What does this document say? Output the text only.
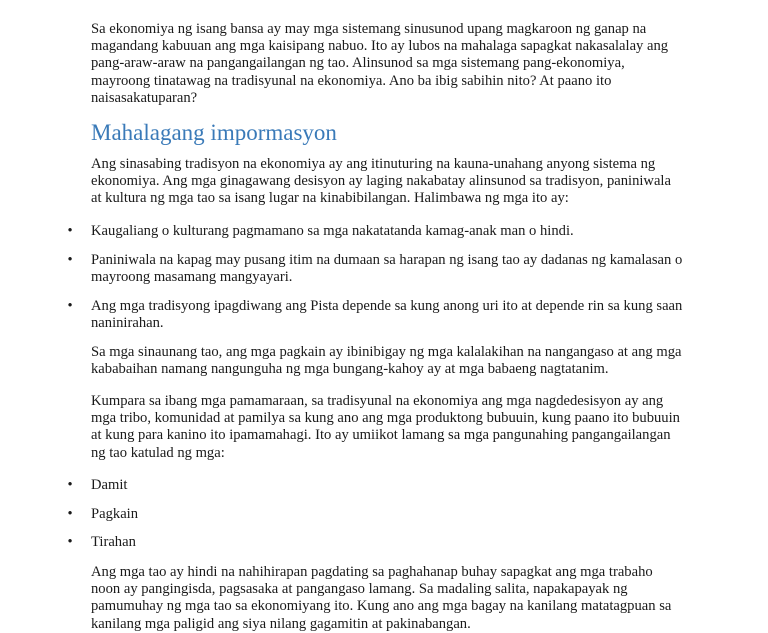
Sa ekonomiya ng isang bansa ay may mga sistemang sinusunod upang magkaroon ng ganap na
magandang kabuuan ang mga kaisipang nabuo. Ito ay lubos na mahalaga sapagkat nakasalalay ang
pang-araw-araw na pangangailangan ng tao. Alinsunod sa mga sistemang pang-ekonomiya,
mayroong tinatawag na tradisyunal na ekonomiya. Ano ba ibig sabihin nito? At paano ito
naisasakatuparan?

Mahalagang impormasyon

Ang sinasabing tradisyon na ekonomiya ay ang itinuturing na kauna-unahang anyong sistema ng
ekonomiya. Ang mga ginagawang desisyon ay laging nakabatay alinsunod sa tradisyon, paniniwala
at kultura ng mga tao sa isang lugar na kinabibilangan. Halimbawa ng mga ito ay:

• Kaugaliang o kulturang pagmamano sa mga nakatatanda kamag-anak man o hindi.
• Paniniwala na kapag may pusang itim na dumaan sa harapan ng isang tao ay dadanas ng kamalasan o
mayroong masamang mangyayari.
• Ang mga tradisyong ipagdiwang ang Pista depende sa kung anong uri ito at depende rin sa kung saan
naninirahan.

Sa mga sinaunang tao, ang mga pagkain ay ibinibigay ng mga kalalakihan na nangangaso at ang mga
kababaihan namang nangunguha ng mga bungang-kahoy ay at mga babaeng nagtatanim.

Kumpara sa ibang mga pamamaraan, sa tradisyunal na ekonomiya ang mga nagdedesisyon ay ang
mga tribo, komunidad at pamilya sa kung ano ang mga produktong bubuuin, kung paano ito bubuuin
at kung para kanino ito ipamamahagi. Ito ay umiikot lamang sa mga pangunahing pangangailangan
ng tao katulad ng mga:

• Damit
• Pagkain
• Tirahan

Ang mga tao ay hindi na nahihirapan pagdating sa paghahanap buhay sapagkat ang mga trabaho
noon ay pangingisda, pagsasaka at pangangaso lamang. Sa madaling salita, napakapayak ng
pamumuhay ng mga tao sa ekonomiyang ito. Kung ano ang mga bagay na kanilang matatagpuan sa
kanilang mga paligid ang siya nilang gagamitin at pakinabangan.
